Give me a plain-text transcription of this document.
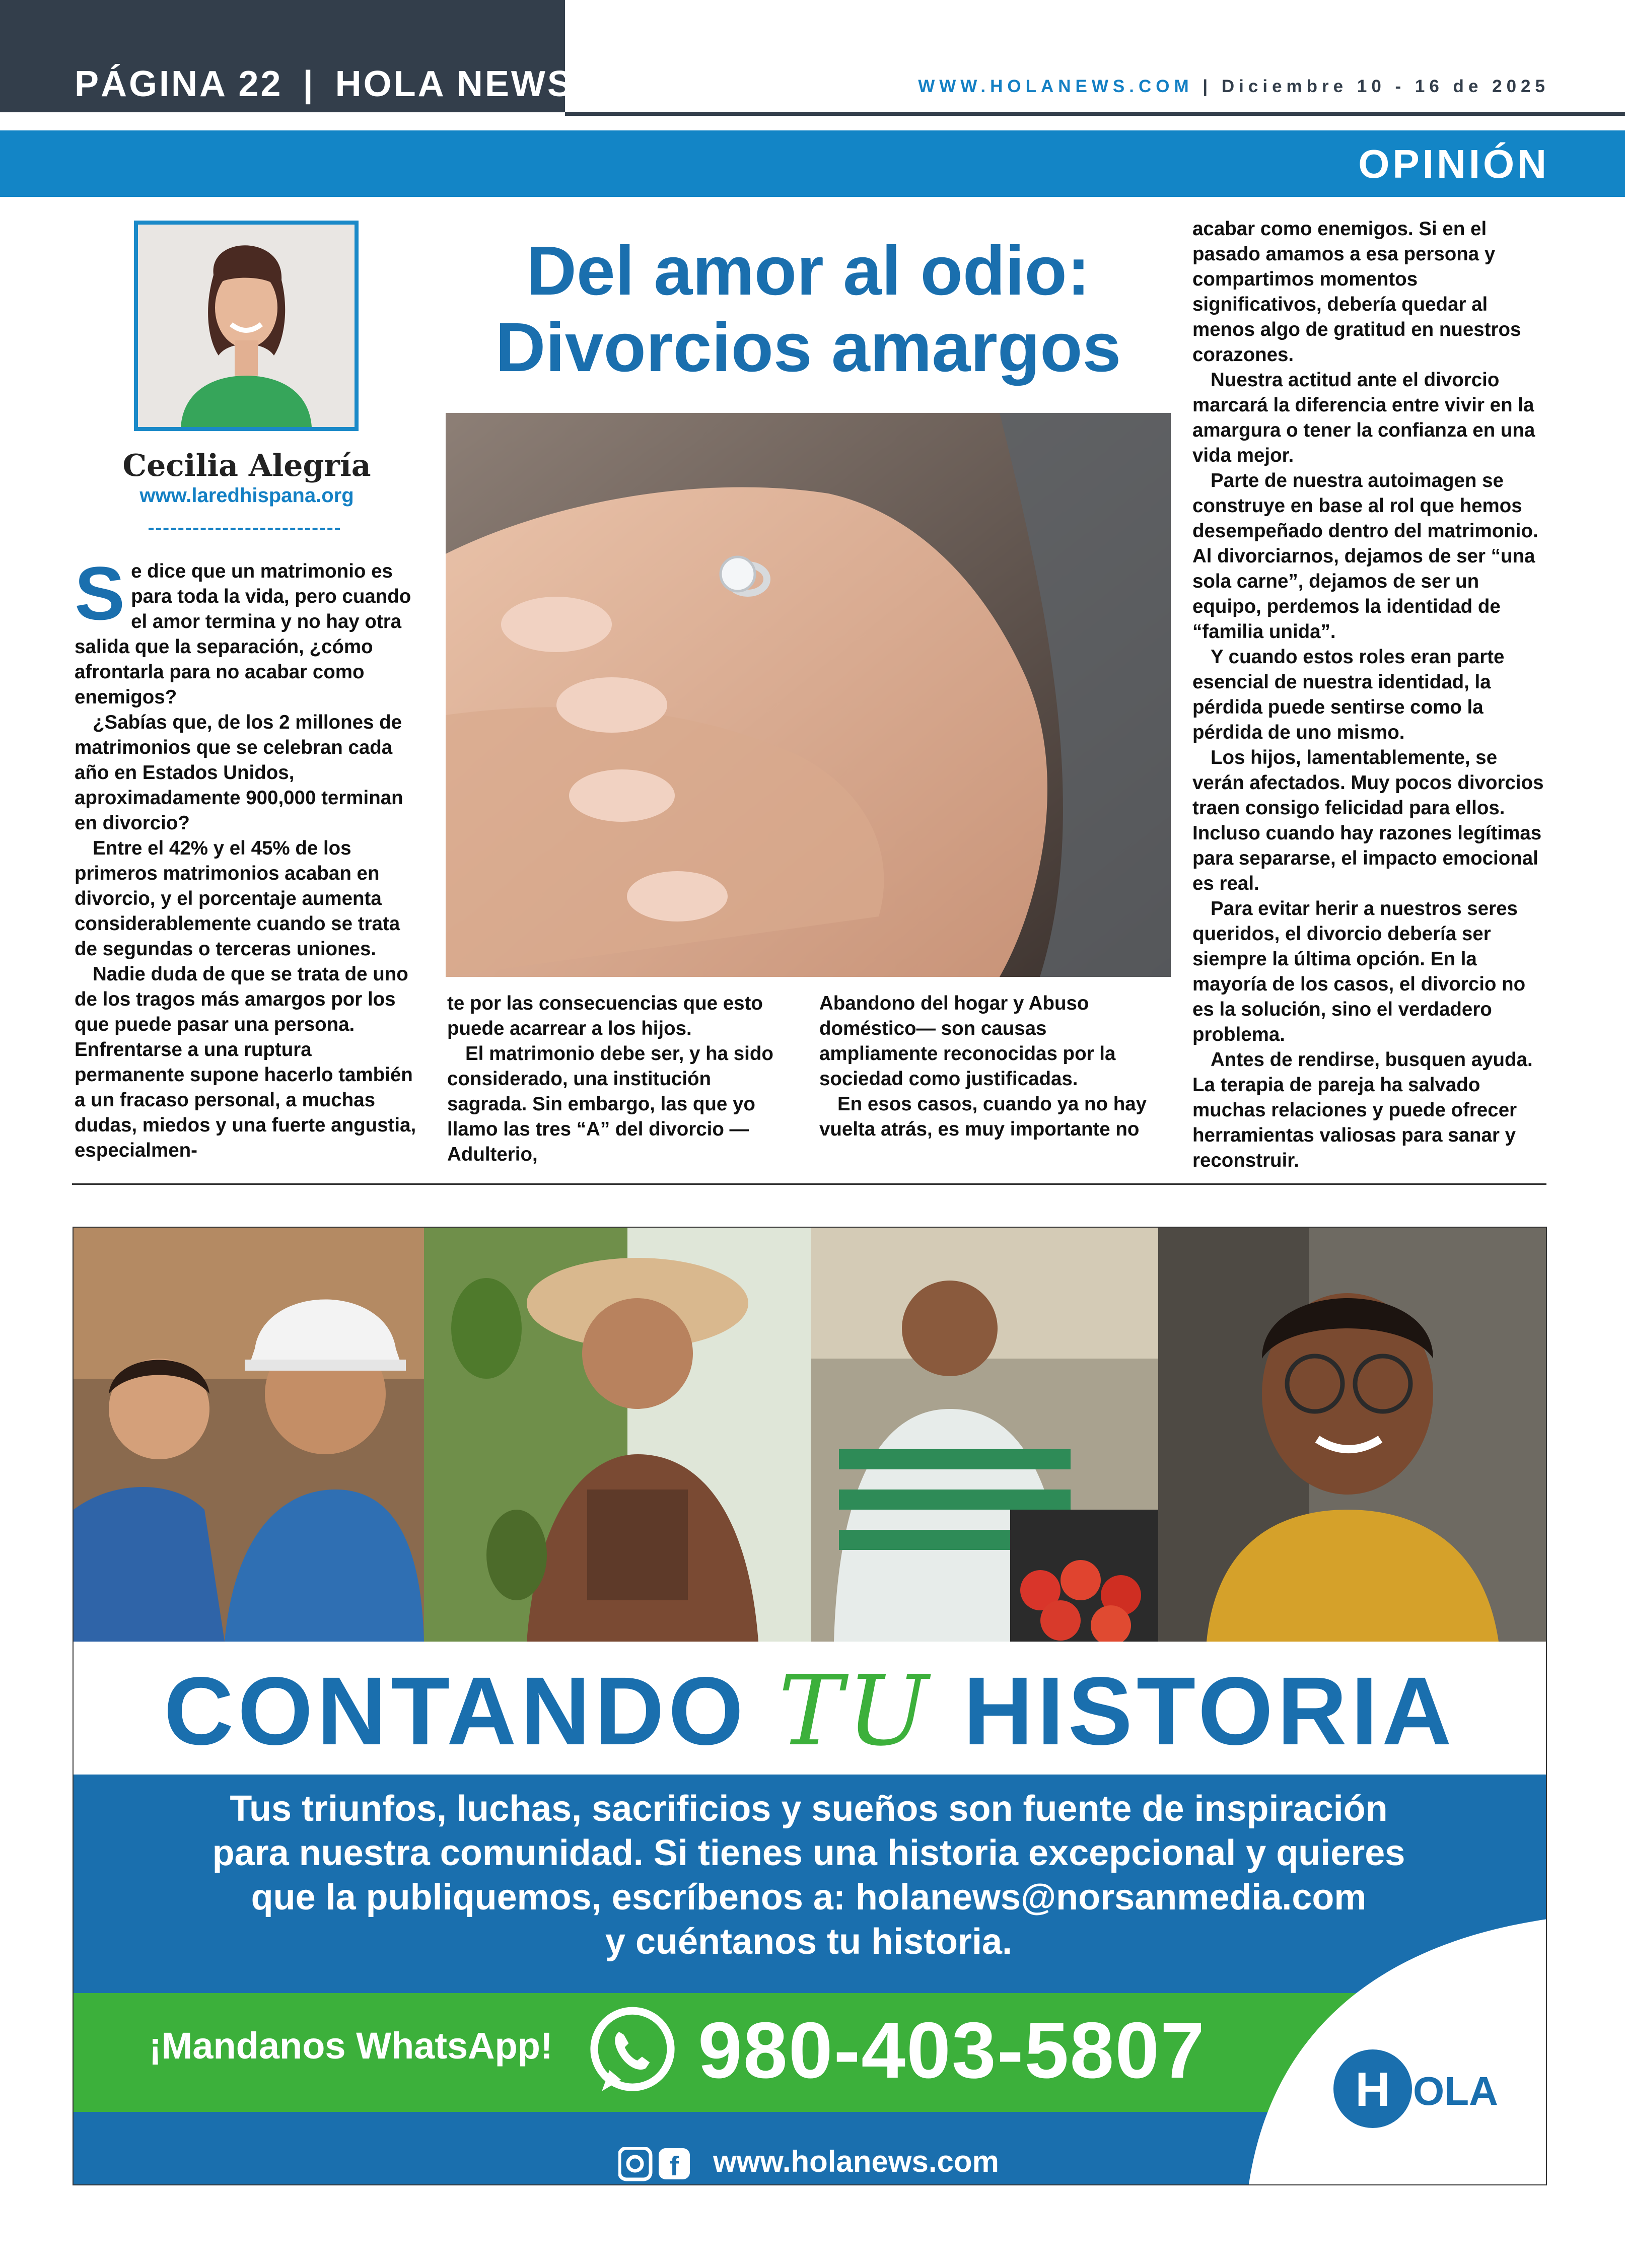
PÁGINA 22 | HOLA NEWS	WWW.HOLANEWS.COM | Diciembre 10 - 16 de 2025
OPINIÓN
Cecilia Alegría
www.laredhispana.org
Del amor al odio:
Divorcios amargos

Se dice que un matrimonio es para toda la vida, pero cuando el amor termina y no hay otra salida que la separación, ¿cómo afrontarla para no acabar como enemigos?

¿Sabías que, de los 2 millones de matrimonios que se celebran cada año en Estados Unidos, aproximadamente 900,000 terminan en divorcio?

Entre el 42% y el 45% de los primeros matrimonios acaban en divorcio, y el porcentaje aumenta considerablemente cuando se trata de segundas o terceras uniones.

Nadie duda de que se trata de uno de los tragos más amargos por los que puede pasar una persona. Enfrentarse a una ruptura permanente supone hacerlo también a un fracaso personal, a muchas dudas, miedos y una fuerte angustia, especialmen-

te por las consecuencias que esto puede acarrear a los hijos.

El matrimonio debe ser, y ha sido considerado, una institución sagrada. Sin embargo, las que yo llamo las tres “A” del divorcio —Adulterio,

Abandono del hogar y Abuso doméstico— son causas ampliamente reconocidas por la sociedad como justificadas.

En esos casos, cuando ya no hay vuelta atrás, es muy importante no

acabar como enemigos. Si en el pasado amamos a esa persona y compartimos momentos significativos, debería quedar al menos algo de gratitud en nuestros corazones.

Nuestra actitud ante el divorcio marcará la diferencia entre vivir en la amargura o tener la confianza en una vida mejor.

Parte de nuestra autoimagen se construye en base al rol que hemos desempeñado dentro del matrimonio. Al divorciarnos, dejamos de ser “una sola carne”, dejamos de ser un equipo, perdemos la identidad de “familia unida”.

Y cuando estos roles eran parte esencial de nuestra identidad, la pérdida puede sentirse como la pérdida de uno mismo.

Los hijos, lamentablemente, se verán afectados. Muy pocos divorcios traen consigo felicidad para ellos. Incluso cuando hay razones legítimas para separarse, el impacto emocional es real.

Para evitar herir a nuestros seres queridos, el divorcio debería ser siempre la última opción. En la mayoría de los casos, el divorcio no es la solución, sino el verdadero problema.

Antes de rendirse, busquen ayuda. La terapia de pareja ha salvado muchas relaciones y puede ofrecer herramientas valiosas para sanar y reconstruir.

CONTANDO TU HISTORIA
Tus triunfos, luchas, sacrificios y sueños son fuente de inspiración
para nuestra comunidad. Si tienes una historia excepcional y quieres
que la publiquemos, escríbenos a: holanews@norsanmedia.com
y cuéntanos tu historia.
¡Mandanos WhatsApp! 980-403-5807	H OLA
f www.holanews.com
